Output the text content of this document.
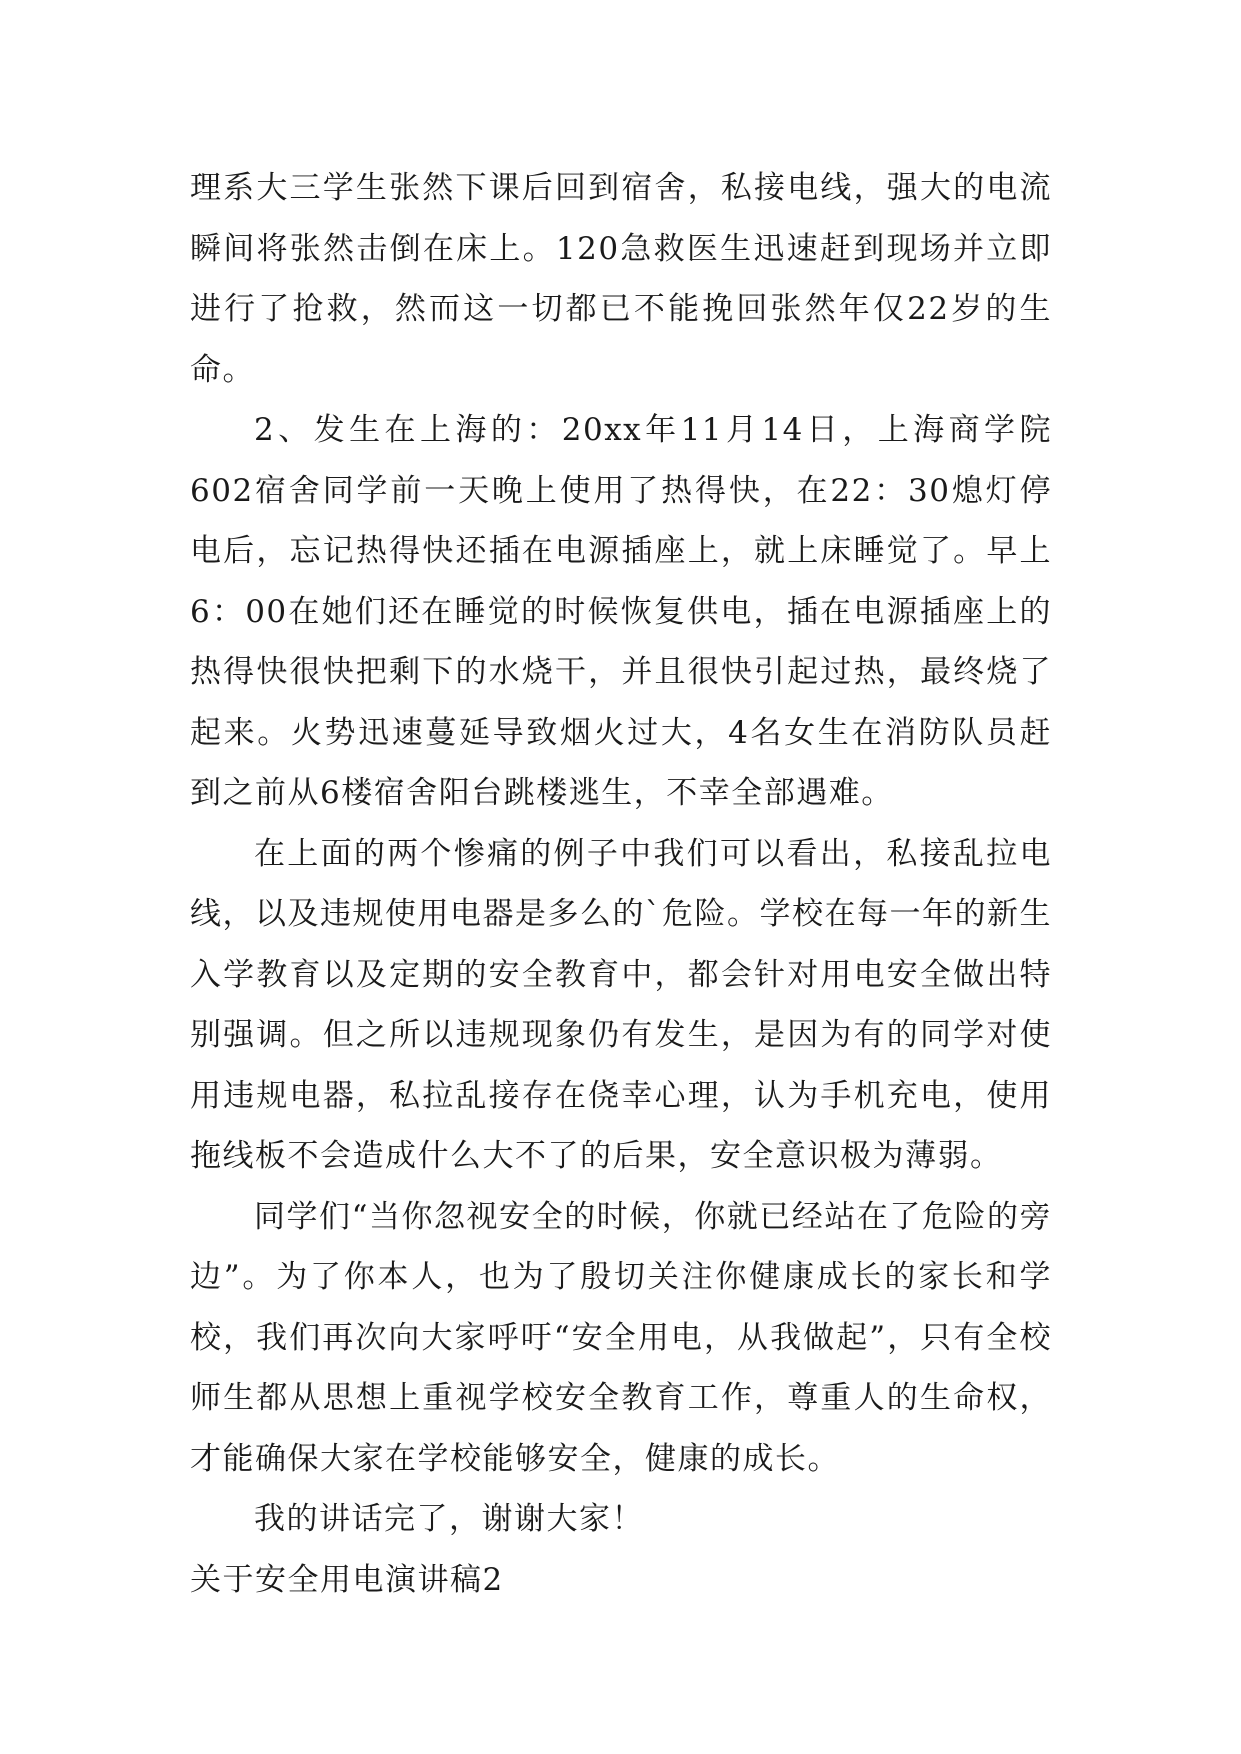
理系大三学生张然下课后回到宿舍，私接电线，强大的电流瞬间将张然击倒在床上。120急救医生迅速赶到现场并立即进行了抢救，然而这一切都已不能挽回张然年仅22岁的生命。

2、发生在上海的：20xx年11月14日，上海商学院602宿舍同学前一天晚上使用了热得快，在22：30熄灯停电后，忘记热得快还插在电源插座上，就上床睡觉了。早上6：00在她们还在睡觉的时候恢复供电，插在电源插座上的热得快很快把剩下的水烧干，并且很快引起过热，最终烧了起来。火势迅速蔓延导致烟火过大，4名女生在消防队员赶到之前从6楼宿舍阳台跳楼逃生，不幸全部遇难。

在上面的两个惨痛的例子中我们可以看出，私接乱拉电线，以及违规使用电器是多么的`危险。学校在每一年的新生入学教育以及定期的安全教育中，都会针对用电安全做出特别强调。但之所以违规现象仍有发生，是因为有的同学对使用违规电器，私拉乱接存在侥幸心理，认为手机充电，使用拖线板不会造成什么大不了的后果，安全意识极为薄弱。

同学们“当你忽视安全的时候，你就已经站在了危险的旁边”。为了你本人，也为了殷切关注你健康成长的家长和学校，我们再次向大家呼吁“安全用电，从我做起”，只有全校师生都从思想上重视学校安全教育工作，尊重人的生命权，才能确保大家在学校能够安全，健康的成长。

我的讲话完了，谢谢大家！

关于安全用电演讲稿2
